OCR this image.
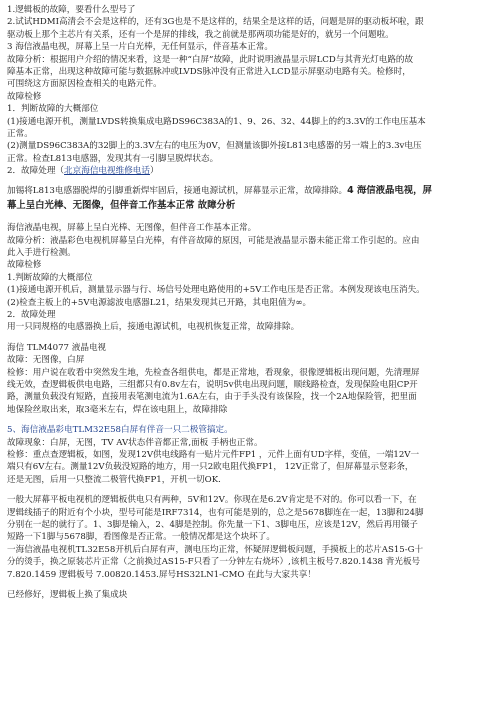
1.逻辑板的故障，要看什么型号了
2.试试HDMI高清会不会是这样的，还有3G也是不是这样的，结果全是这样的话，问题是屏的驱动板坏啦，跟
驱动板上那个主芯片有关系，还有一个是屏的排线，我之前就是那两项功能是好的，就另一个问题啦。
3 海信液晶电视，屏幕上呈一片白光棒，无任何显示，伴音基本正常。
故障分析：根据用户介绍的情况来看，这是一种“白屏”故障，此时说明液晶显示屏LCD与其背光灯电路的故
障基本正常，出现这种故障可能与数据脉冲或LVDS脉冲没有正常进入LCD显示屏驱动电路有关。检修时，
可围绕这方面原因检查相关的电路元件。
故障检修
1．判断故障的大概部位
(1)接通电源开机，测量LVDS转换集成电路DS96C383A的1、9、26、32、44脚上的约3.3V的工作电压基本
正常。
(2)测量DS96C383A的32脚上的3.3V左右的电压为0V，但测量该脚外接L813电感器的另一端上的3.3v电压
正常。检查L813电感器，发现其有一引脚呈脱焊状态。
2．故障处理（北京海信电视维修电话）
加锡将L813电感器脱焊的引脚重新焊牢固后，接通电源试机，屏幕显示正常，故障排除。4 海信液晶电视，屏
幕上呈白光棒、无图像，但伴音工作基本正常 故障分析
海信液晶电视，屏幕上呈白光棒、无图像，但伴音工作基本正常。
故障分析：液晶彩色电视机屏幕呈白光棒，有伴音故障的原因，可能是液晶显示器未能正常工作引起的。应由
此入手进行检测。
故障检修
1.判断故障的大概部位
(1)接通电源开机后，测量显示器与行、场信号处理电路使用的+5V工作电压是否正常。本例发现该电压消失。
(2)检查主板上的+5V电源滤波电感器L21，结果发现其已开路，其电阻值为∞。
2．故障处理
用一只同规格的电感器换上后，接通电源试机，电视机恢复正常，故障排除。
海信 TLM4077 液晶电视
故障：无图像，白屏
检修：用户说在收看中突然发生地，先检查各组供电，都是正常地，看现象，很像逻辑板出现问题，先清理屏
线无效，查逻辑板供电电路，三组都只有0.8v左右，说明5v供电出现问题，顺线路检查，发现保险电阻CP开
路，测量负载没有短路，直接用表笔测电流为1.6A左右，由于手头没有该保险，找一个2A地保险管，把里面
地保险丝取出来，取3毫米左右，焊在该电阻上，故障排除
5、海信液晶彩电TLM32E58白屏有伴音一只二极管搞定。
故障现象：白屏，无图，TV AV状态伴音都正常,面板 手柄也正常。
检修：重点查逻辑板，如图，发现12V供电线路有一贴片元件FP1 ，元件上面有UD字样，变值，一端12V一
端只有6V左右。测量12V负载没短路的地方，用一只2欧电阻代换FP1， 12V正常了，但屏幕显示竖彩条，
还是无图，后用一只整流二极管代换FP1，开机一切OK.
一般大屏幕平板电视机的逻辑板供电只有两种，5V和12V。你现在是6.2V肯定是不对的。你可以看一下，在
逻辑线插子的附近有个小块，型号可能是IRF7314，也有可能是别的，总之是5678脚连在一起，13脚和24脚
分别在一起的就行了。1、3脚是输入，2、4脚是控制。你先量一下1、3脚电压，应该是12V，然后再用镊子
短路一下1脚与5678脚，看图像是否正常。一般情况都是这个块坏了。
一海信液晶电视机TL32E58开机后白屏有声，测电压均正常，怀疑屏逻辑板问题，手摸板上的芯片AS15-G十
分的烫手，换之原装芯片正常（之前换过AS15-F只看了一分钟左右烧坏）,该机主板号7.820.1438 背光板号
7.820.1459 逻辑板号 7.00820.1453.屏号HS32LN1-CMO 在此与大家共享！
已经修好，逻辑板上换了集成块
